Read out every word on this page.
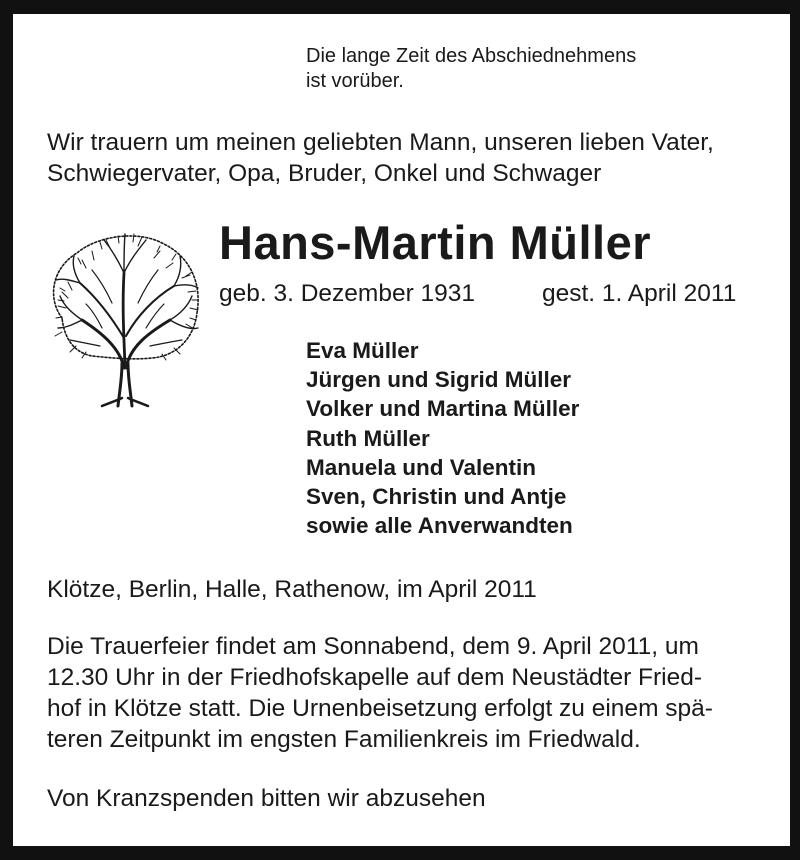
Die lange Zeit des Abschiednehmens
ist vorüber.
Wir trauern um meinen geliebten Mann, unseren lieben Vater,
Schwiegervater, Opa, Bruder, Onkel und Schwager
Hans-Martin Müller
geb. 3. Dezember 1931	gest. 1. April 2011
Eva Müller
Jürgen und Sigrid Müller
Volker und Martina Müller
Ruth Müller
Manuela und Valentin
Sven, Christin und Antje
sowie alle Anverwandten
Klötze, Berlin, Halle, Rathenow, im April 2011
Die Trauerfeier findet am Sonnabend, dem 9. April 2011, um
12.30 Uhr in der Friedhofskapelle auf dem Neustädter Fried-
hof in Klötze statt. Die Urnenbeisetzung erfolgt zu einem spä-
teren Zeitpunkt im engsten Familienkreis im Friedwald.
Von Kranzspenden bitten wir abzusehen
